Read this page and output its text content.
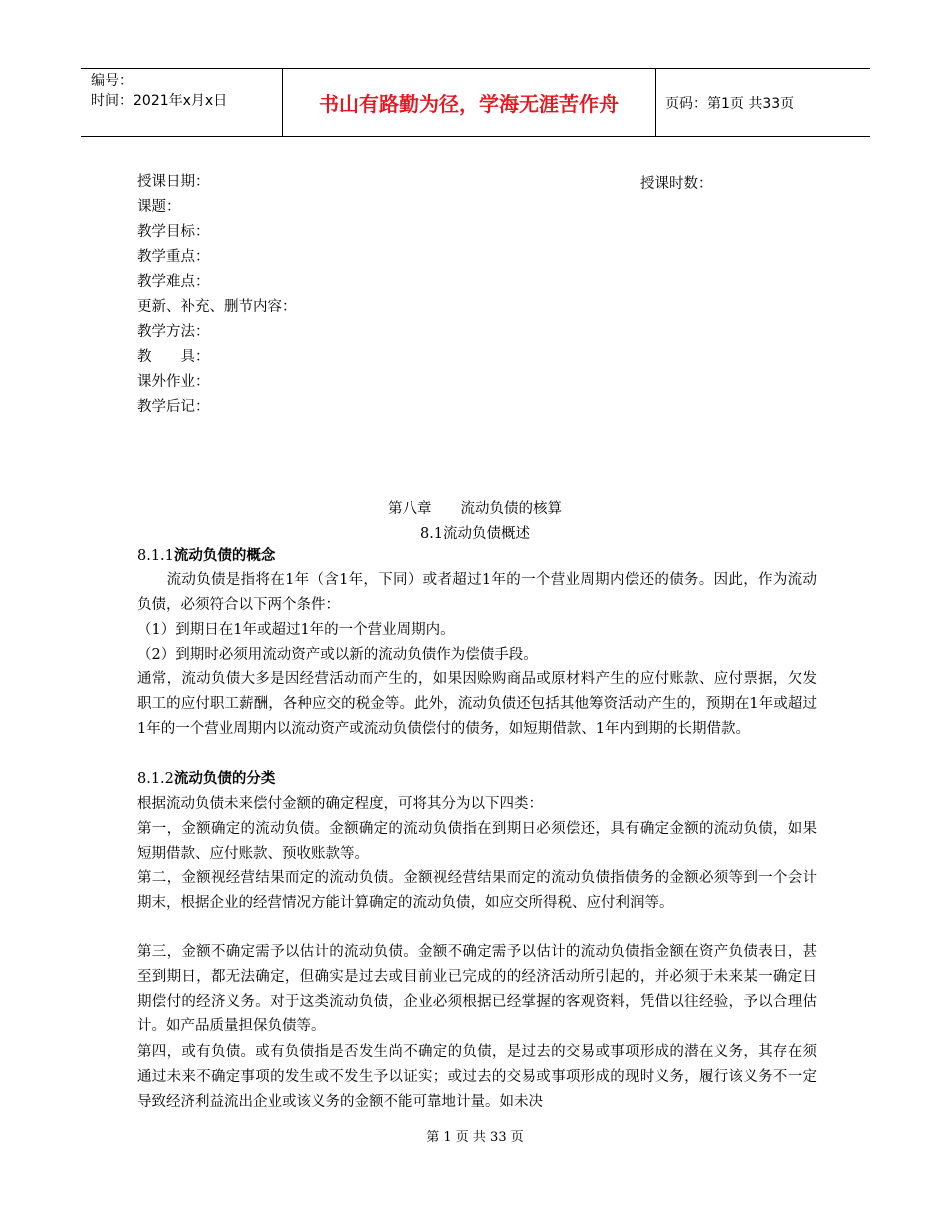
编号：
时间：2021年x月x日	书山有路勤为径，学海无涯苦作舟	页码：第1页 共33页
授课日期：	授课时数：
课题：
教学目标：
教学重点：
教学难点：
更新、补充、删节内容：
教学方法：
教　　具：
课外作业：
教学后记：
第八章　　流动负债的核算
8.1流动负债概述
8.1.1流动负债的概念
　　流动负债是指将在1年（含1年，下同）或者超过1年的一个营业周期内偿还的债务。因此，作为流动负债，必须符合以下两个条件：
（1）到期日在1年或超过1年的一个营业周期内。
（2）到期时必须用流动资产或以新的流动负债作为偿债手段。
通常，流动负债大多是因经营活动而产生的，如果因赊购商品或原材料产生的应付账款、应付票据，欠发职工的应付职工薪酬，各种应交的税金等。此外，流动负债还包括其他筹资活动产生的，预期在1年或超过1年的一个营业周期内以流动资产或流动负债偿付的债务，如短期借款、1年内到期的长期借款。
8.1.2流动负债的分类
根据流动负债未来偿付金额的确定程度，可将其分为以下四类：
第一，金额确定的流动负债。金额确定的流动负债指在到期日必须偿还，具有确定金额的流动负债，如果短期借款、应付账款、预收账款等。
第二，金额视经营结果而定的流动负债。金额视经营结果而定的流动负债指债务的金额必须等到一个会计期末，根据企业的经营情况方能计算确定的流动负债，如应交所得税、应付利润等。
第三，金额不确定需予以估计的流动负债。金额不确定需予以估计的流动负债指金额在资产负债表日，甚至到期日，都无法确定，但确实是过去或目前业已完成的的经济活动所引起的，并必须于未来某一确定日期偿付的经济义务。对于这类流动负债，企业必须根据已经掌握的客观资料，凭借以往经验，予以合理估计。如产品质量担保负债等。
第四，或有负债。或有负债指是否发生尚不确定的负债，是过去的交易或事项形成的潜在义务，其存在须通过未来不确定事项的发生或不发生予以证实；或过去的交易或事项形成的现时义务，履行该义务不一定导致经济利益流出企业或该义务的金额不能可靠地计量。如未决
第 1 页 共 33 页
